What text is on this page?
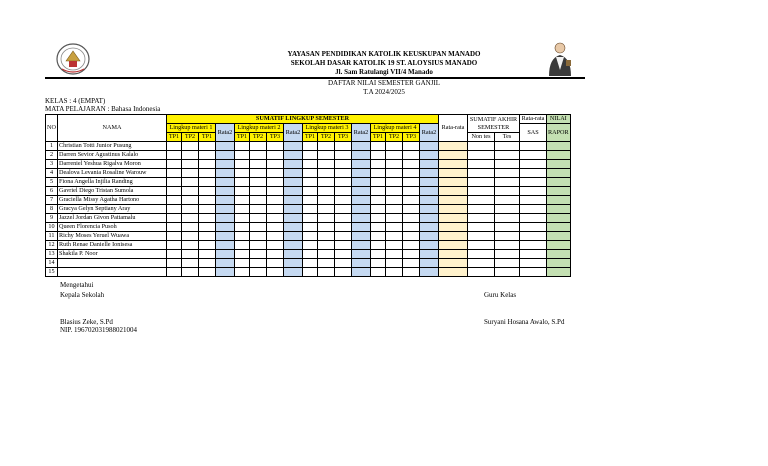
YAYASAN PENDIDIKAN KATOLIK KEUSKUPAN MANADO
SEKOLAH DASAR KATOLIK 19 ST. ALOYSIUS MANADO
Jl. Sam Ratulangi VII/4 Manado
DAFTAR NILAI SEMESTER GANJIL
T.A 2024/2025
KELAS : 4 (EMPAT)
MATA PELAJARAN : Bahasa Indonesia
NO	NAMA	SUMATIF LINGKUP SEMESTER																Rata-rata	SUMATIF AKHIR SEMESTER		Rata-rata	NILAI
		Lingkup materi 1			Rata2	Lingkup materi 2			Rata2	Lingkup materi 3			Rata2	Lingkup materi 4			Rata2				SAS	RAPOR
		TP1	TP2	TP1		TP1	TP2	TP3		TP1	TP2	TP3		TP1	TP2	TP3			Non tes	Tes		
1	Christian Totti Junior Pusung																					
2	Darren Sevior Agustinus Kalalo																					
3	Darreniel Yeshua Rigalva Moron																					
4	Dealova Levania Rosaline Warouw																					
5	Fiona Angella Injilia Randing																					
6	Gavriel Diego Tristan Sumola																					
7	Graciella Missy Agatha Hartono																					
8	Gracya Gelyn Septiany Aray																					
9	Jazzel Jordan Givon Pattamalu																					
10	Queen Florencia Pusoh																					
11	Richy Moses Yeruel Wuawa																					
12	Ruth Renae Danielle Ionisesa																					
13	Shakila P. Noor																					
14																						
15																						
Mengetahui
Kepala Sekolah
Blasius Zeke, S.Pd
NIP. 196702031988021004
Guru Kelas
Suryani Hosana Awalo, S.Pd
